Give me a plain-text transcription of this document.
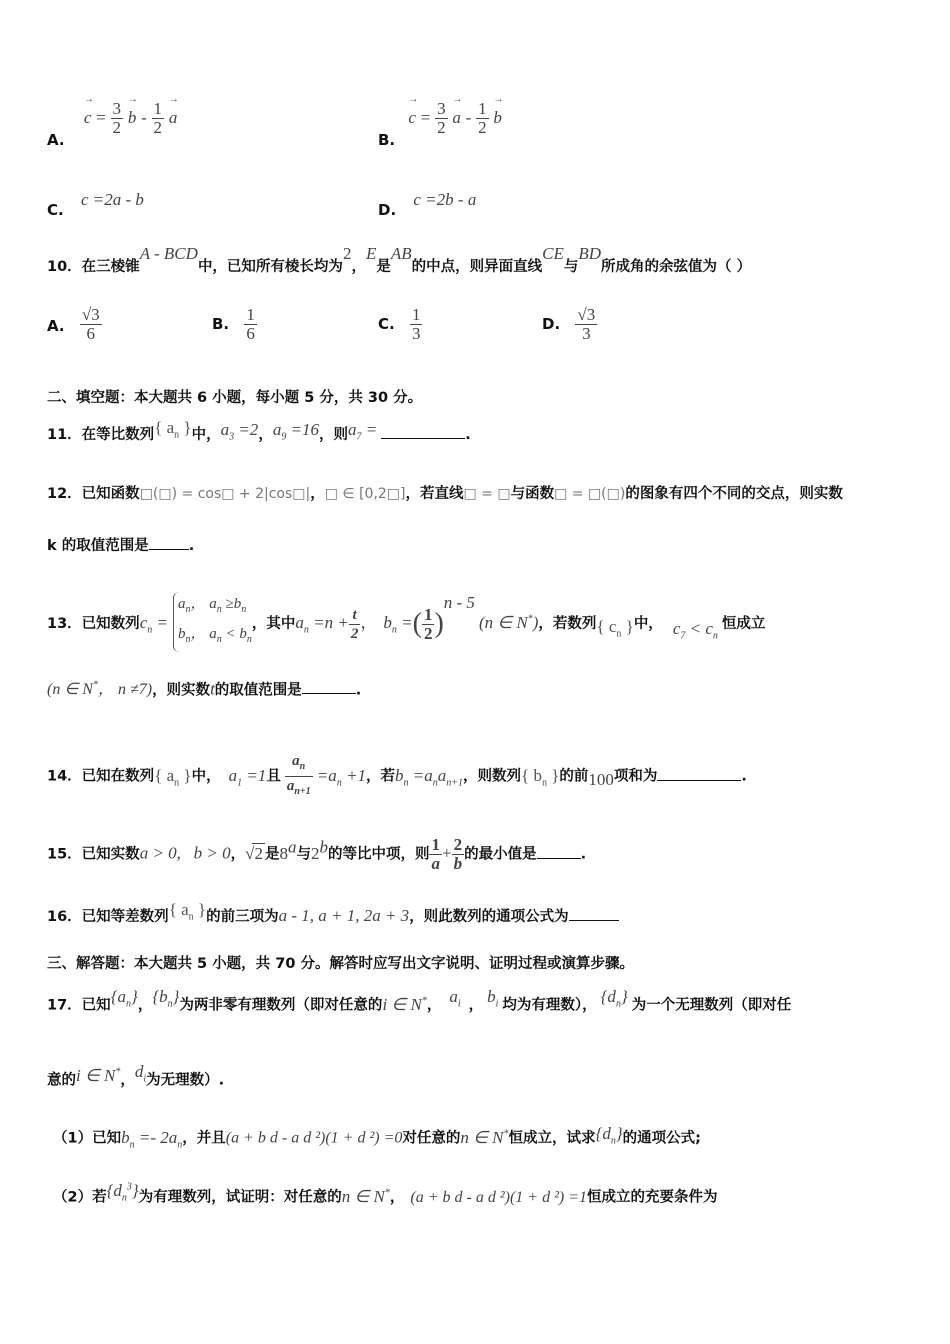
A. → $c = \frac{3}{2}$
→ b - $\frac{1}{2}$
→ a
B. → $c = \frac{3}{2}$
→ a - $\frac{1}{2}$
→ b
C. c =2a - b
D. c =2b - a
10．在三棱锥A - BCD中，已知所有棱长均为2，E是AB的中点，则异面直线CE与BD所成角的余弦值为（ ）
A. $\frac{√3}{6}$	B. $\frac{1}{6}$	C. $\frac{1}{3}$	D. $\frac{√3}{3}$
二、填空题：本大题共 6 小题，每小题 5 分，共 30 分。
11．在等比数列{ $a_n$ }中，$a_3 =2$，$a_9 =16$，则$a_7$ =	.
12．已知函数□(□) = cos□ + 2|cos□|，□ ∈ [0,2□]，若直线□ = □与函数□ = □(□)的图象有四个不同的交点，则实数
k 的取值范围是	.
13．已知数列$c_n$ =
$a_n$， $a_n \ge b_n$
$b_n$， $a_n < b_n$
，其中$a_n =n + \frac{t}{2}$ ， $b_n$ =( $\frac{1}{2} )^{n - 5}(n$ ∈ N*)，若数列{ $c_n$ }中， $c_7 < c_n$恒成立
(n ∈ N*， n ≠7)，则实数t的取值范围是	.
14．已知在数列{ $a_n$ }中， $a_1 =1$且 $\frac{a_n}{a_{n+1}} =a_n +1$，若$b_n =a_na_{n+1}$，则数列{ $b_n$ }的前100项和为	.
15．已知实数a > 0,   b > 0，√2 是8$^a$与2$^b$的等比中项，则 $\frac{1}{a} + \frac{2}{b}$ 的最小值是	.
16．已知等差数列{ $a_n$ }的前三项为a - 1, a + 1, 2a + 3，则此数列的通项公式为
三、解答题：本大题共 5 小题，共 70 分。解答时应写出文字说明、证明过程或演算步骤。
17．已知$\{a_n\}$，$\{b_n\}$为两非零有理数列（即对任意的i ∈ N*， $a_i$ ， $b_i$ 均为有理数）， $\{d_n\}$ 为一个无理数列（即对任
意的i ∈ N*，$d_i$为无理数）.
（1）已知$b_n =- 2a_n$，并且(a + b d - a d ²)(1 + d ²) =0对任意的n ∈ N*恒成立，试求$\{d_n\}$的通项公式;
（2）若$\{d_n^3\}$为有理数列，试证明：对任意的n ∈ N*， (a + b d - a d ²)(1 + d ²) =1恒成立的充要条件为
